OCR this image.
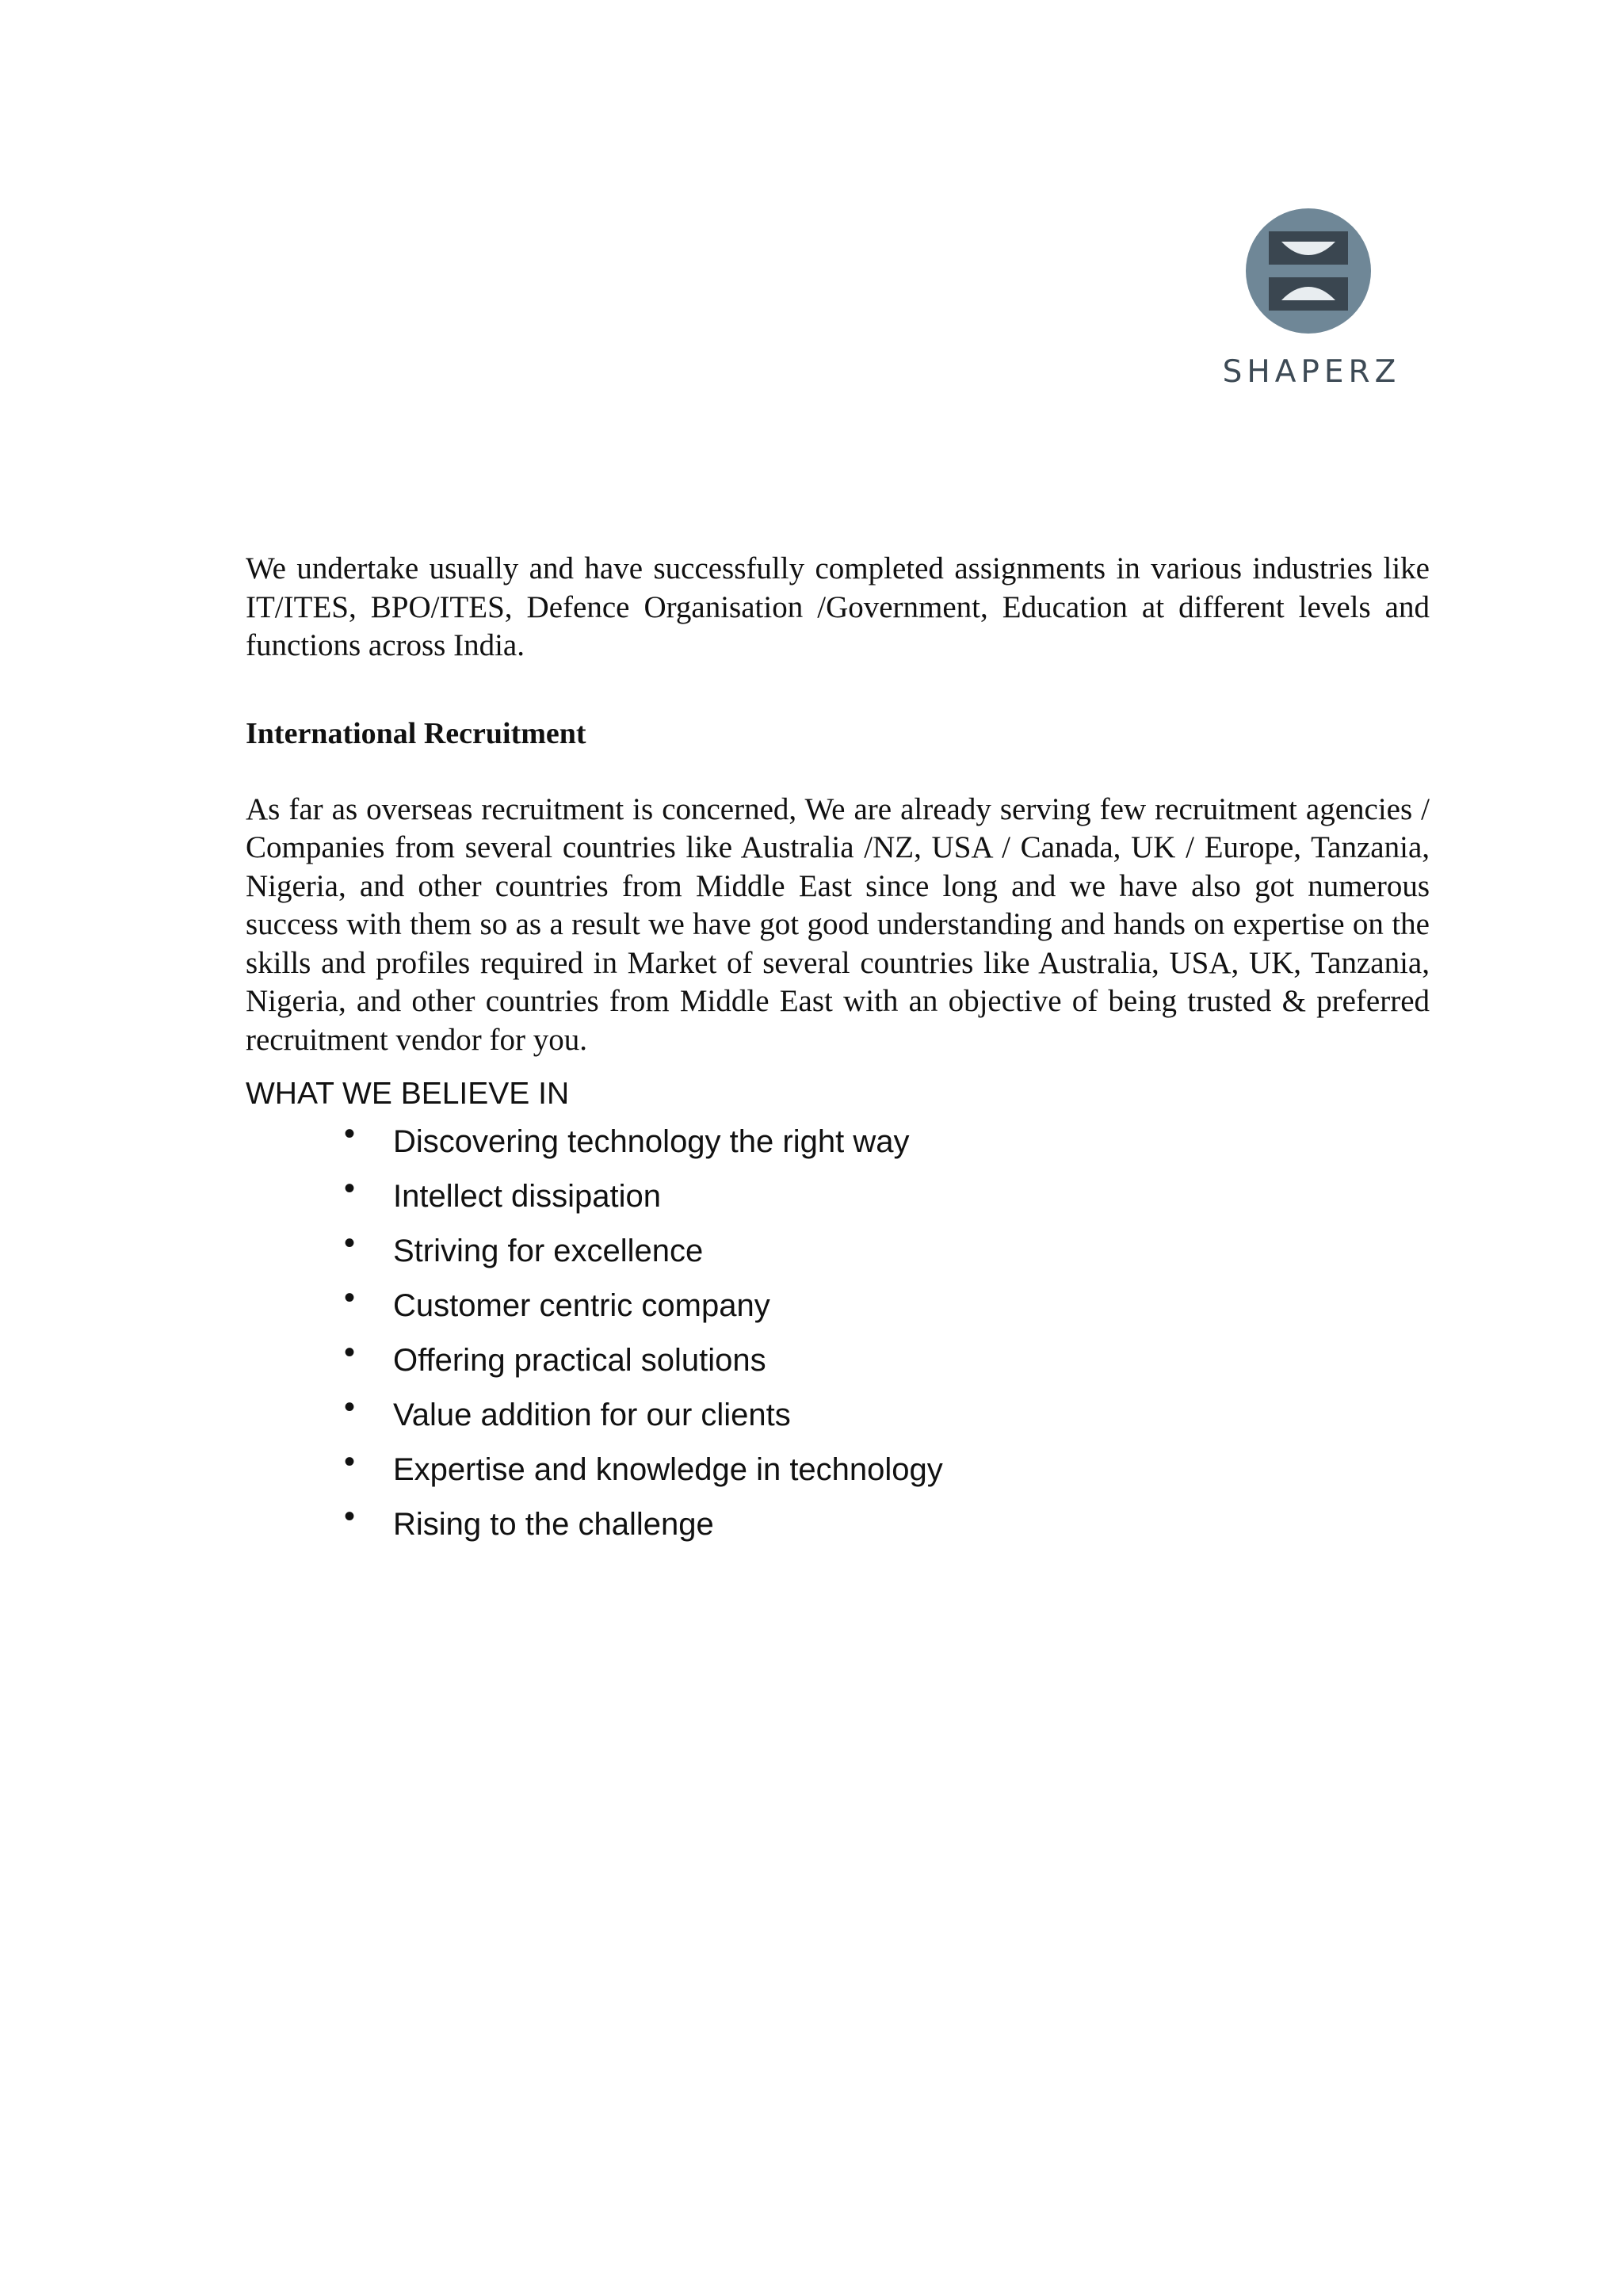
SHAPERZ

We undertake usually and have successfully completed assignments in various industries like IT/ITES, BPO/ITES, Defence Organisation /Government, Education at different levels and functions across India.

International Recruitment

As far as overseas recruitment is concerned, We are already serving few recruitment agencies / Companies from several countries like Australia /NZ, USA / Canada, UK / Europe, Tanzania, Nigeria, and other countries from Middle East since long and we have also got numerous success with them so as a result we have got good understanding and hands on expertise on the skills and profiles required in Market of several countries like Australia, USA, UK, Tanzania, Nigeria, and other countries from Middle East with an objective of being trusted & preferred recruitment vendor for you.

WHAT WE BELIEVE IN
• Discovering technology the right way
• Intellect dissipation
• Striving for excellence
• Customer centric company
• Offering practical solutions
• Value addition for our clients
• Expertise and knowledge in technology
• Rising to the challenge
